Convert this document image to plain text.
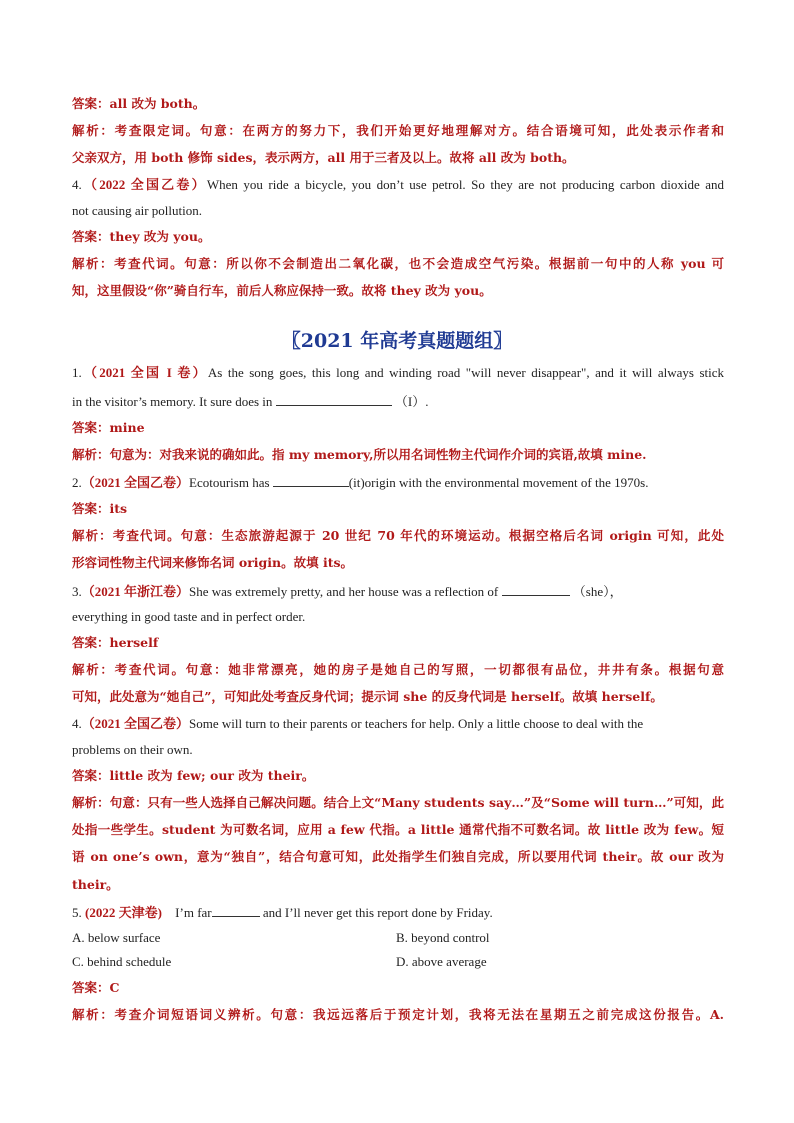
答案：all 改为 both。
解析：考查限定词。句意：在两方的努力下，我们开始更好地理解对方。结合语境可知，此处表示作者和
父亲双方，用 both 修饰 sides，表示两方，all 用于三者及以上。故将 all 改为 both。
4.（2022 全国乙卷）When you ride a bicycle, you don’t use petrol. So they are not producing carbon dioxide and
not causing air pollution.
答案：they 改为 you。
解析：考查代词。句意：所以你不会制造出二氧化碳，也不会造成空气污染。根据前一句中的人称 you 可
知，这里假设“你”骑自行车，前后人称应保持一致。故将 they 改为 you。
〖2021 年高考真题题组〗
1.（2021 全国 I 卷）As the song goes, this long and winding road "will never disappear", and it will always stick
in the visitor’s memory. It sure does in	（I）.
答案：mine
解析：句意为：对我来说的确如此。指 my memory,所以用名词性物主代词作介词的宾语,故填 mine.
2.（2021 全国乙卷）Ecotourism has	(it)origin with the environmental movement of the 1970s.
答案：its
解析：考查代词。句意：生态旅游起源于 20 世纪 70 年代的环境运动。根据空格后名词 origin 可知，此处
形容词性物主代词来修饰名词 origin。故填 its。
3.（2021 年浙江卷）She was extremely pretty, and her house was a reflection of	（she），
everything in good taste and in perfect order.
答案：herself
解析：考查代词。句意：她非常漂亮，她的房子是她自己的写照，一切都很有品位，井井有条。根据句意
可知，此处意为“她自己”，可知此处考查反身代词；提示词 she 的反身代词是 herself。故填 herself。
4.（2021 全国乙卷）Some will turn to their parents or teachers for help. Only a little choose to deal with the
problems on their own.
答案：little 改为 few; our 改为 their。
解析：句意：只有一些人选择自己解决问题。结合上文“Many students say…”及“Some will turn…”可知，此
处指一些学生。student 为可数名词，应用 a few 代指。a little 通常代指不可数名词。故 little 改为 few。短
语 on one’s own，意为“独自”，结合句意可知，此处指学生们独自完成，所以要用代词 their。故 our 改为
their。
5. (2022 天津卷) I’m far	and I’ll never get this report done by Friday.
A. below surface	B. beyond control
C. behind schedule	D. above average
答案：C
解析：考查介词短语词义辨析。句意：我远远落后于预定计划，我将无法在星期五之前完成这份报告。A.
